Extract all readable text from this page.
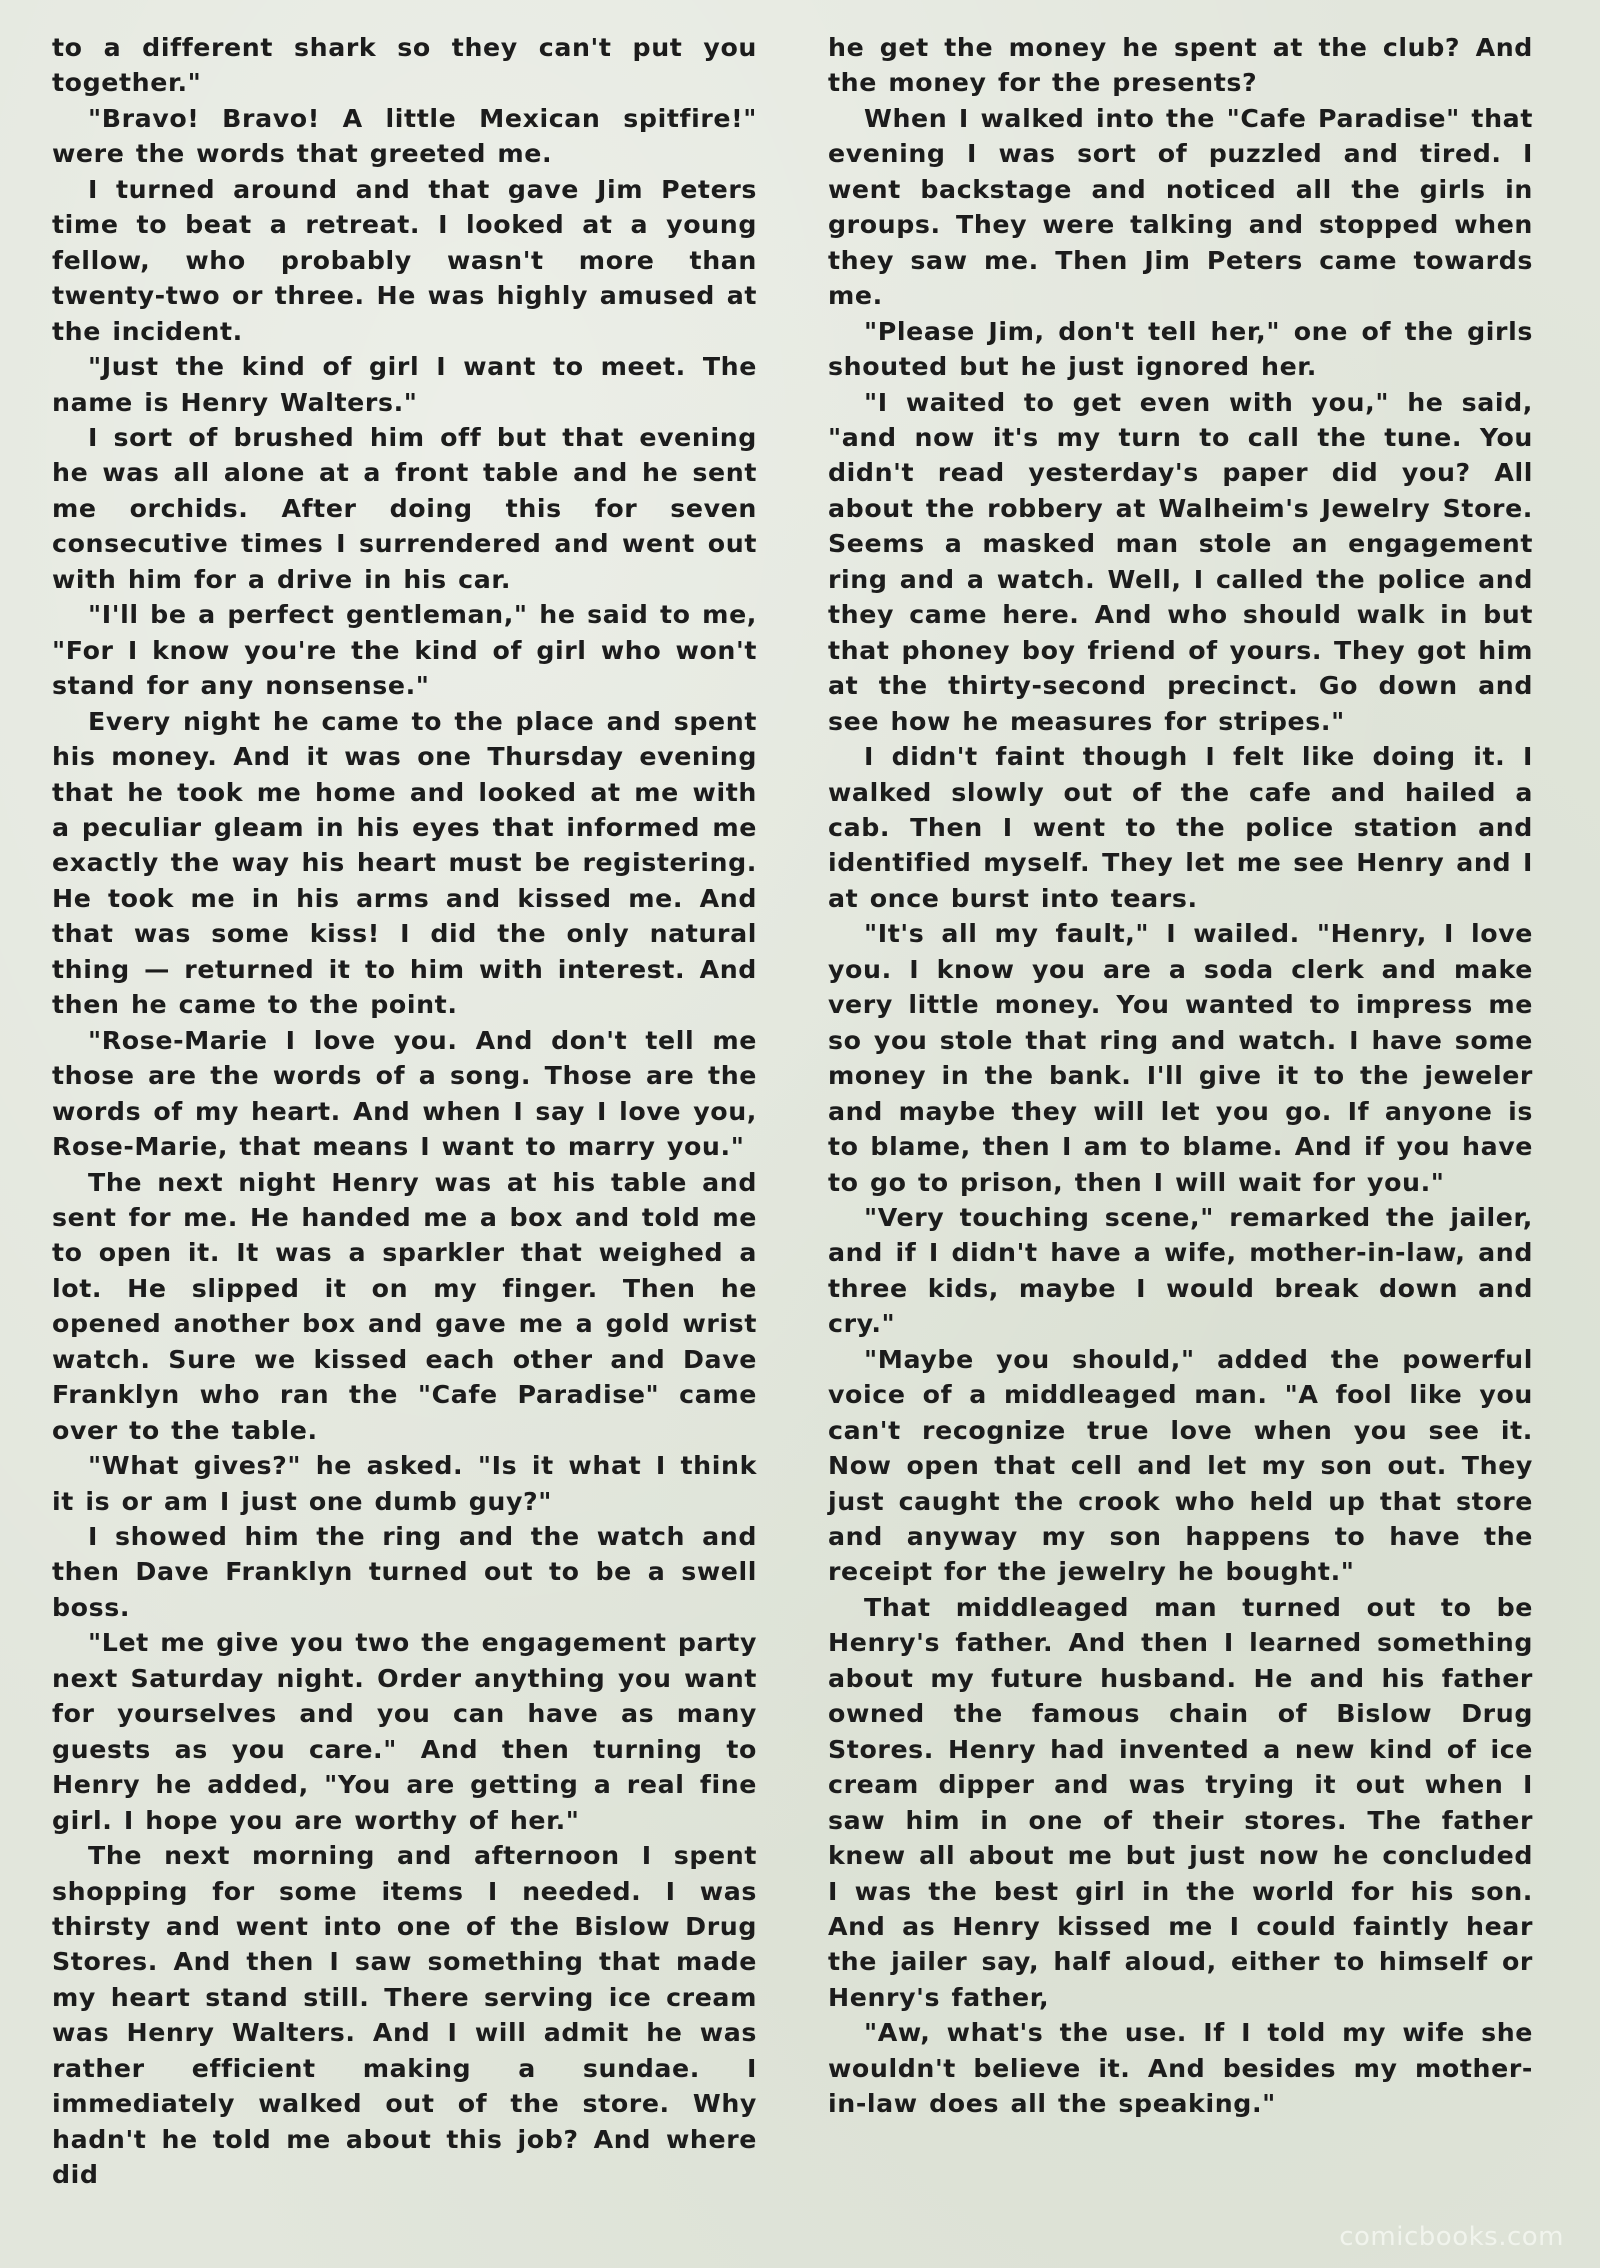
to a different shark so they can't put you together."

"Bravo! Bravo! A little Mexican spitfire!" were the words that greeted me.

I turned around and that gave Jim Peters time to beat a retreat. I looked at a young fellow, who probably wasn't more than twenty-two or three. He was highly amused at the incident.

"Just the kind of girl I want to meet. The name is Henry Walters."

I sort of brushed him off but that evening he was all alone at a front table and he sent me orchids. After doing this for seven consecutive times I surrendered and went out with him for a drive in his car.

"I'll be a perfect gentleman," he said to me, "For I know you're the kind of girl who won't stand for any nonsense."

Every night he came to the place and spent his money. And it was one Thursday evening that he took me home and looked at me with a peculiar gleam in his eyes that informed me exactly the way his heart must be registering. He took me in his arms and kissed me. And that was some kiss! I did the only natural thing — returned it to him with interest. And then he came to the point.

"Rose-Marie I love you. And don't tell me those are the words of a song. Those are the words of my heart. And when I say I love you, Rose-Marie, that means I want to marry you."

The next night Henry was at his table and sent for me. He handed me a box and told me to open it. It was a sparkler that weighed a lot. He slipped it on my finger. Then he opened another box and gave me a gold wrist watch. Sure we kissed each other and Dave Franklyn who ran the "Cafe Paradise" came over to the table.

"What gives?" he asked. "Is it what I think it is or am I just one dumb guy?"

I showed him the ring and the watch and then Dave Franklyn turned out to be a swell boss.

"Let me give you two the engagement party next Saturday night. Order anything you want for yourselves and you can have as many guests as you care." And then turning to Henry he added, "You are getting a real fine girl. I hope you are worthy of her."

The next morning and afternoon I spent shopping for some items I needed. I was thirsty and went into one of the Bislow Drug Stores. And then I saw something that made my heart stand still. There serving ice cream was Henry Walters. And I will admit he was rather efficient making a sundae. I immediately walked out of the store. Why hadn't he told me about this job? And where did

he get the money he spent at the club? And the money for the presents?

When I walked into the "Cafe Paradise" that evening I was sort of puzzled and tired. I went backstage and noticed all the girls in groups. They were talking and stopped when they saw me. Then Jim Peters came towards me.

"Please Jim, don't tell her," one of the girls shouted but he just ignored her.

"I waited to get even with you," he said, "and now it's my turn to call the tune. You didn't read yesterday's paper did you? All about the robbery at Walheim's Jewelry Store. Seems a masked man stole an engagement ring and a watch. Well, I called the police and they came here. And who should walk in but that phoney boy friend of yours. They got him at the thirty-second precinct. Go down and see how he measures for stripes."

I didn't faint though I felt like doing it. I walked slowly out of the cafe and hailed a cab. Then I went to the police station and identified myself. They let me see Henry and I at once burst into tears.

"It's all my fault," I wailed. "Henry, I love you. I know you are a soda clerk and make very little money. You wanted to impress me so you stole that ring and watch. I have some money in the bank. I'll give it to the jeweler and maybe they will let you go. If anyone is to blame, then I am to blame. And if you have to go to prison, then I will wait for you."

"Very touching scene," remarked the jailer, and if I didn't have a wife, mother-in-law, and three kids, maybe I would break down and cry."

"Maybe you should," added the powerful voice of a middleaged man. "A fool like you can't recognize true love when you see it. Now open that cell and let my son out. They just caught the crook who held up that store and anyway my son happens to have the receipt for the jewelry he bought."

That middleaged man turned out to be Henry's father. And then I learned something about my future husband. He and his father owned the famous chain of Bislow Drug Stores. Henry had invented a new kind of ice cream dipper and was trying it out when I saw him in one of their stores. The father knew all about me but just now he concluded I was the best girl in the world for his son. And as Henry kissed me I could faintly hear the jailer say, half aloud, either to himself or Henry's father,

"Aw, what's the use. If I told my wife she wouldn't believe it. And besides my mother-in-law does all the speaking."

comicbooks.com
